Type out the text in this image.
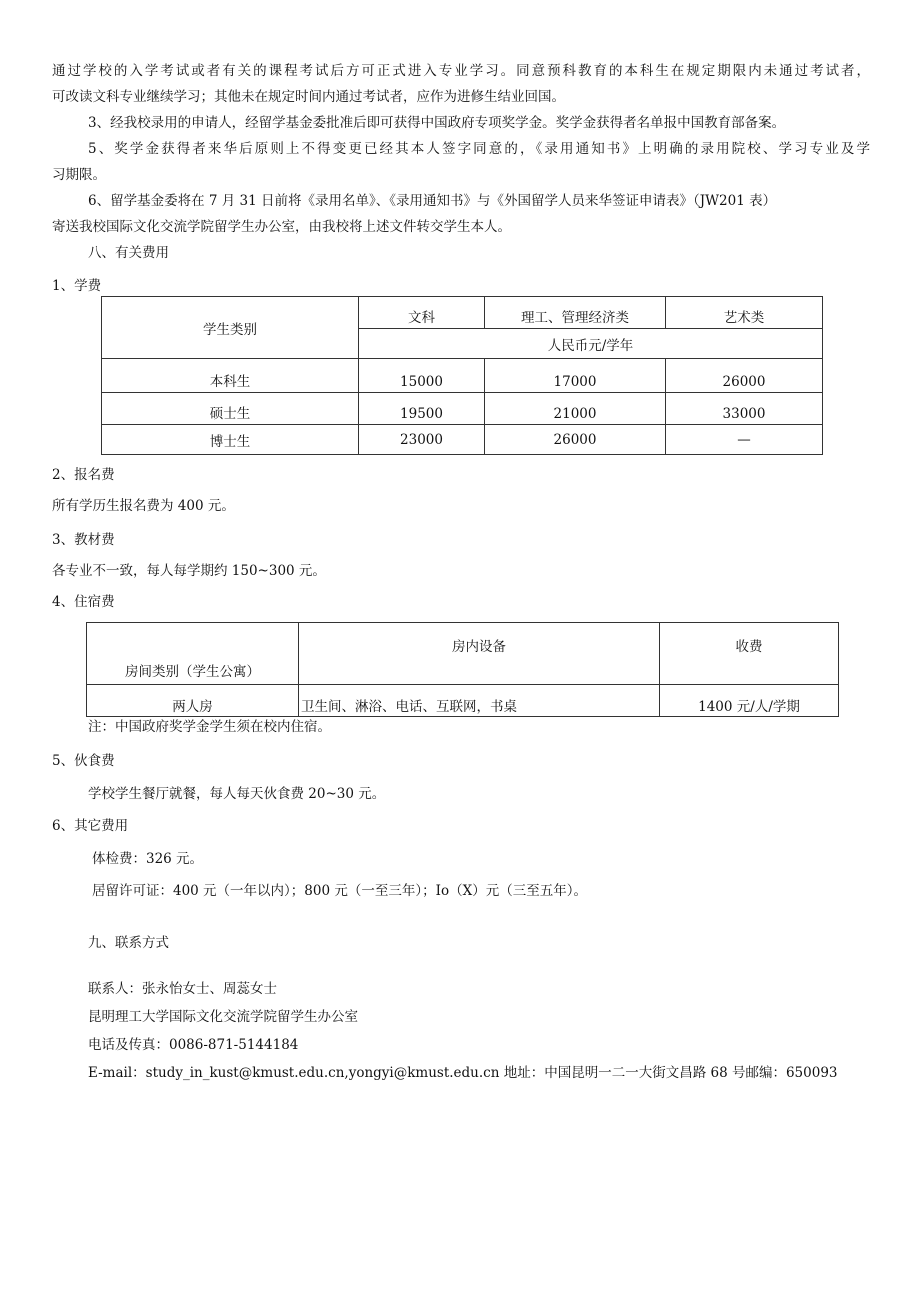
通过学校的入学考试或者有关的课程考试后方可正式进入专业学习。同意预科教育的本科生在规定期限内未通过考试者，
可改读文科专业继续学习；其他未在规定时间内通过考试者，应作为进修生结业回国。
3、经我校录用的申请人，经留学基金委批准后即可获得中国政府专项奖学金。奖学金获得者名单报中国教育部备案。
5、奖学金获得者来华后原则上不得变更已经其本人签字同意的，《录用通知书》上明确的录用院校、学习专业及学
习期限。
6、留学基金委将在 7 月 31 日前将《录用名单》、《录用通知书》与《外国留学人员来华签证申请表》（JW201 表）
寄送我校国际文化交流学院留学生办公室，由我校将上述文件转交学生本人。
八、有关费用
1、学费
学生类别	文科	理工、管理经济类	艺术类
	人民币元/学年		
本科生	15000	17000	26000
硕士生	19500	21000	33000
博士生	23000	26000	—
2、报名费
所有学历生报名费为 400 元。
3、教材费
各专业不一致，每人每学期约 150~300 元。
4、住宿费
房间类别（学生公寓）	房内设备	收费
两人房	卫生间、淋浴、电话、互联网，书桌	1400 元/人/学期
注：中国政府奖学金学生须在校内住宿。
5、伙食费
学校学生餐厅就餐，每人每天伙食费 20~30 元。
6、其它费用
体检费：326 元。
居留许可证：400 元（一年以内）；800 元（一至三年）；Io（X）元（三至五年）。
九、联系方式
联系人：张永怡女士、周蕊女士
昆明理工大学国际文化交流学院留学生办公室
电话及传真：0086-871-5144184
E-mail：study_in_kust@kmust.edu.cn,yongyi@kmust.edu.cn 地址：中国昆明一二一大街文昌路 68 号邮编：650093
